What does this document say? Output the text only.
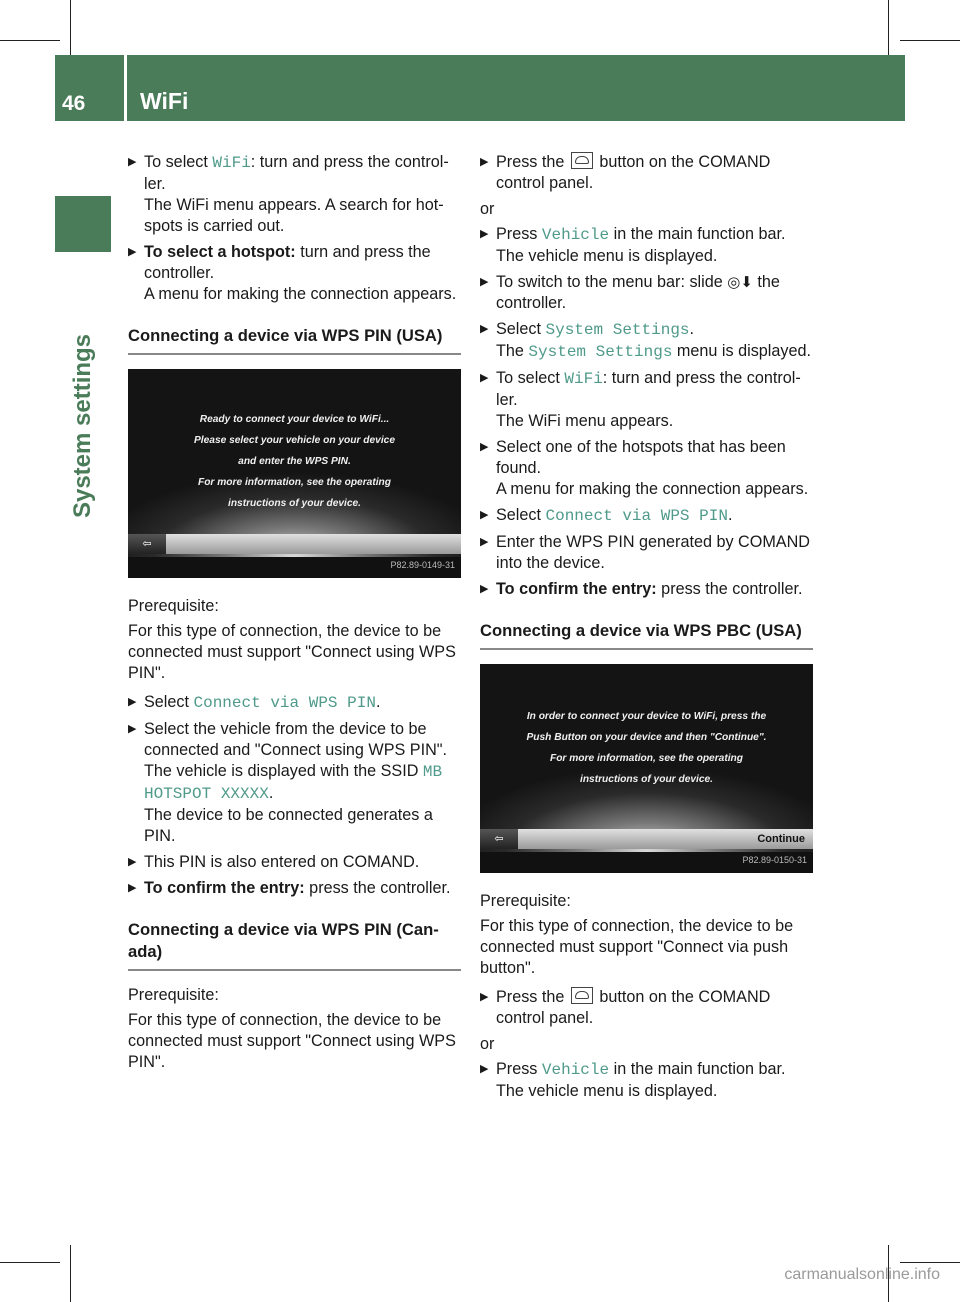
46 WiFi
System settings
▶ To select WiFi: turn and press the control-ler.
The WiFi menu appears. A search for hot-spots is carried out.
▶ To select a hotspot: turn and press the controller.
A menu for making the connection appears.
Connecting a device via WPS PIN (USA)
Ready to connect your device to WiFi...
Please select your vehicle on your device
and enter the WPS PIN.
For more information, see the operating
instructions of your device.
⇦
P82.89-0149-31
Prerequisite:
For this type of connection, the device to be connected must support "Connect using WPS PIN".
▶ Select Connect via WPS PIN.
▶ Select the vehicle from the device to be connected and "Connect using WPS PIN".
The vehicle is displayed with the SSID MB HOTSPOT XXXXX.
The device to be connected generates a PIN.
▶ This PIN is also entered on COMAND.
▶ To confirm the entry: press the controller.
Connecting a device via WPS PIN (Can-ada)
Prerequisite:
For this type of connection, the device to be connected must support "Connect using WPS PIN".
▶ Press the  button on the COMAND control panel.
or
▶ Press Vehicle in the main function bar.
The vehicle menu is displayed.
▶ To switch to the menu bar: slide ◎⬇ the controller.
▶ Select System Settings.
The System Settings menu is displayed.
▶ To select WiFi: turn and press the control-ler.
The WiFi menu appears.
▶ Select one of the hotspots that has been found.
A menu for making the connection appears.
▶ Select Connect via WPS PIN.
▶ Enter the WPS PIN generated by COMAND into the device.
▶ To confirm the entry: press the controller.
Connecting a device via WPS PBC (USA)
In order to connect your device to WiFi, press the
Push Button on your device and then "Continue".
For more information, see the operating
instructions of your device.
⇦	Continue
P82.89-0150-31
Prerequisite:
For this type of connection, the device to be connected must support "Connect via push button".
▶ Press the  button on the COMAND control panel.
or
▶ Press Vehicle in the main function bar.
The vehicle menu is displayed.
carmanualsonline.info
